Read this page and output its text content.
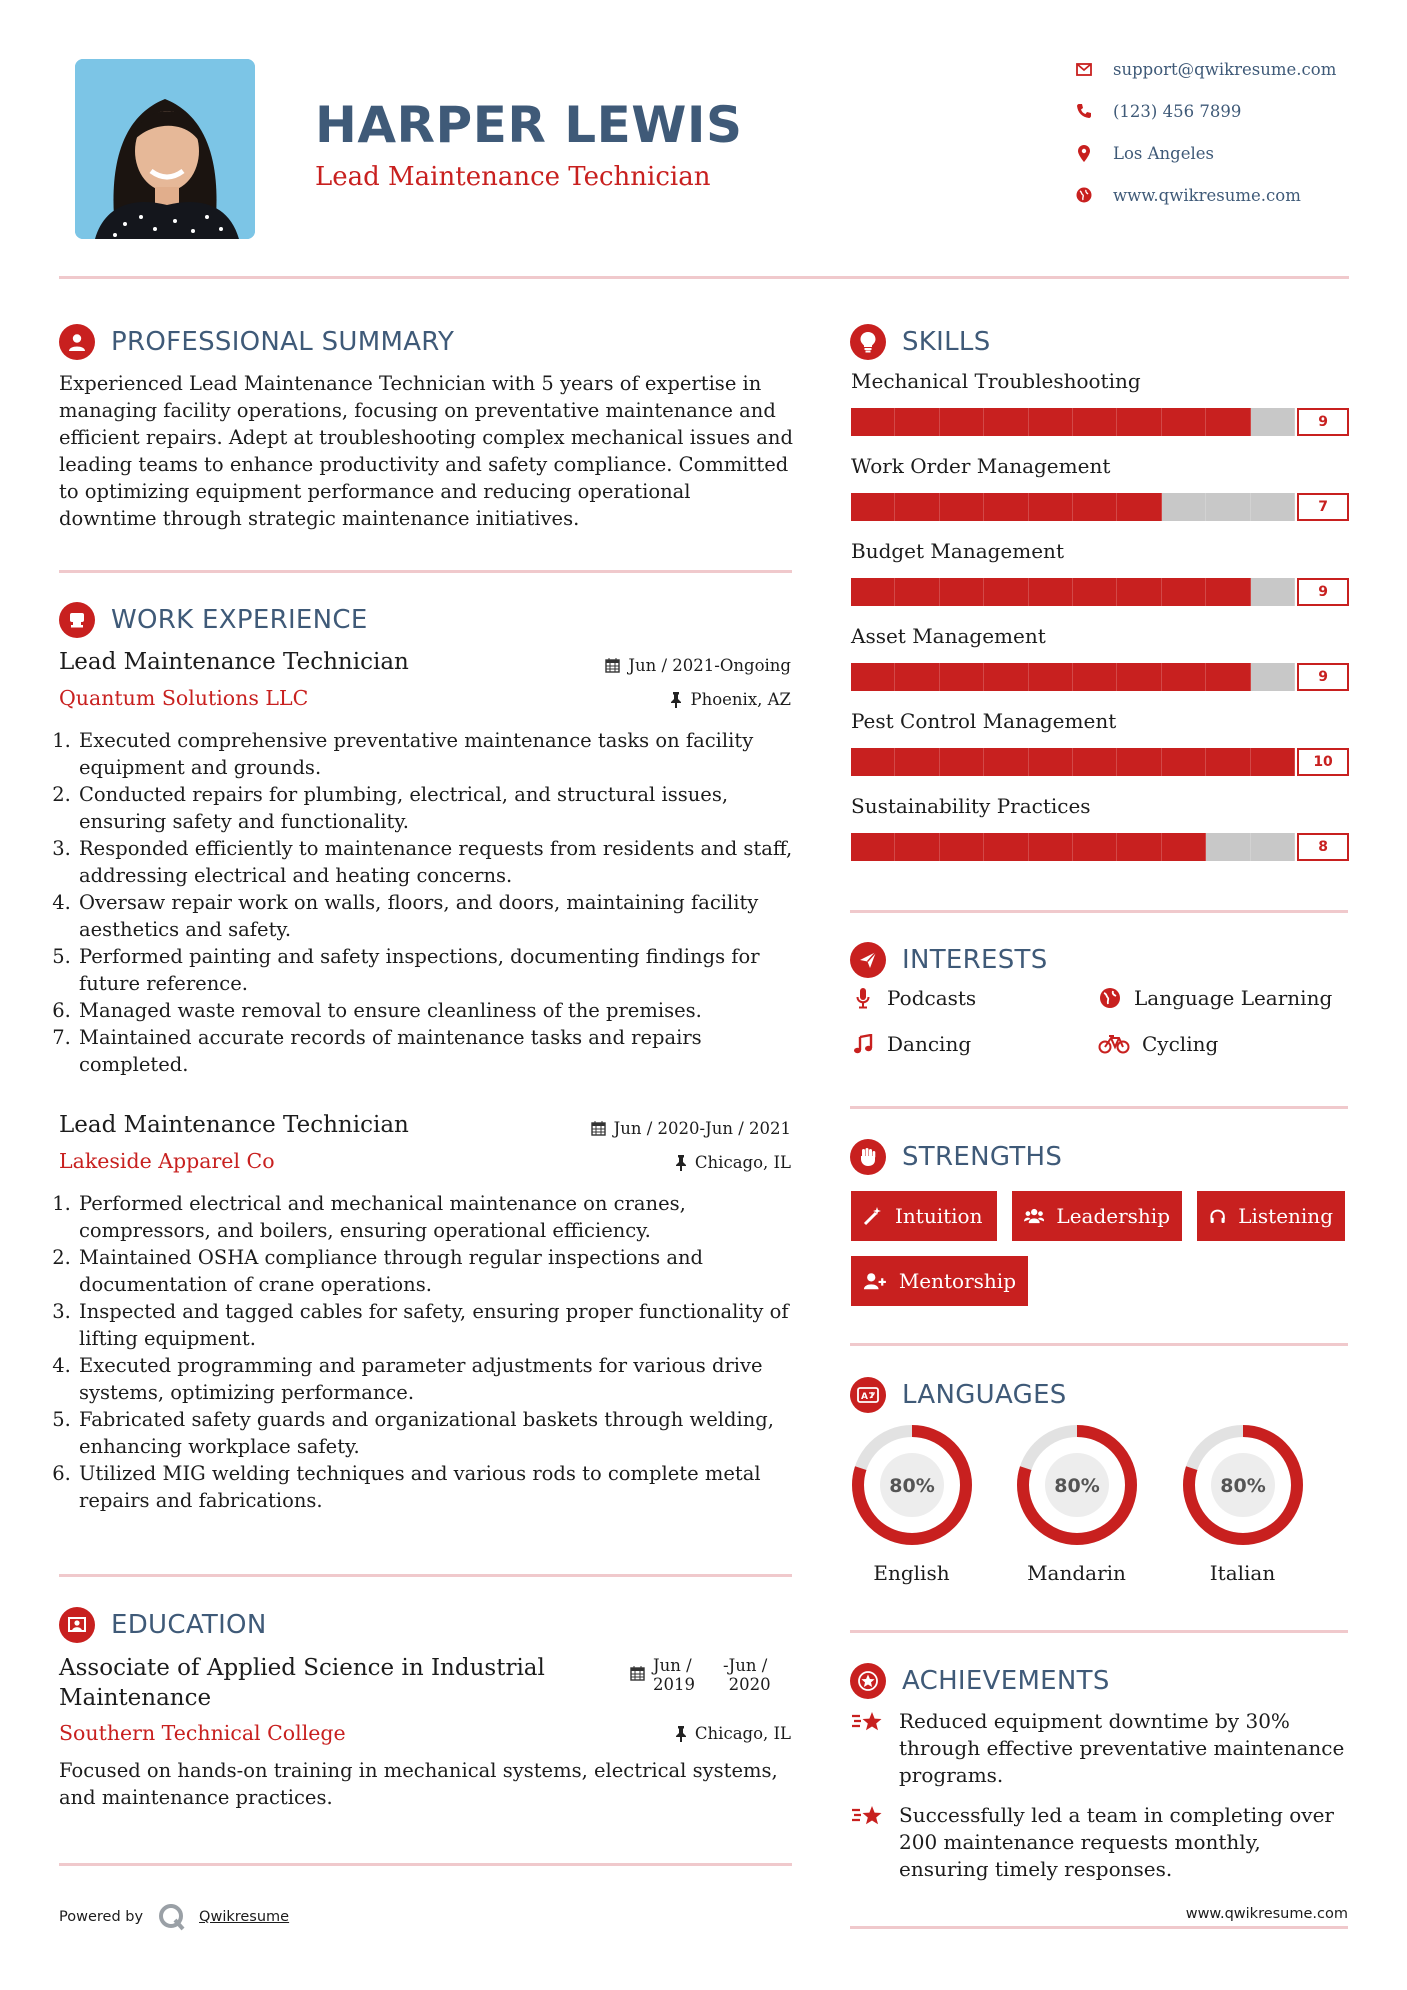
HARPER LEWIS
Lead Maintenance Technician
support@qwikresume.com
(123) 456 7899
Los Angeles
www.qwikresume.com
PROFESSIONAL SUMMARY
Experienced Lead Maintenance Technician with 5 years of expertise in managing facility operations, focusing on preventative maintenance and efficient repairs. Adept at troubleshooting complex mechanical issues and leading teams to enhance productivity and safety compliance. Committed to optimizing equipment performance and reducing operational downtime through strategic maintenance initiatives.
WORK EXPERIENCE
Lead Maintenance Technician	Jun / 2021-Ongoing
Quantum Solutions LLC	Phoenix, AZ
1. Executed comprehensive preventative maintenance tasks on facility equipment and grounds.
2. Conducted repairs for plumbing, electrical, and structural issues, ensuring safety and functionality.
3. Responded efficiently to maintenance requests from residents and staff, addressing electrical and heating concerns.
4. Oversaw repair work on walls, floors, and doors, maintaining facility aesthetics and safety.
5. Performed painting and safety inspections, documenting findings for future reference.
6. Managed waste removal to ensure cleanliness of the premises.
7. Maintained accurate records of maintenance tasks and repairs completed.
Lead Maintenance Technician	Jun / 2020-Jun / 2021
Lakeside Apparel Co	Chicago, IL
1. Performed electrical and mechanical maintenance on cranes, compressors, and boilers, ensuring operational efficiency.
2. Maintained OSHA compliance through regular inspections and documentation of crane operations.
3. Inspected and tagged cables for safety, ensuring proper functionality of lifting equipment.
4. Executed programming and parameter adjustments for various drive systems, optimizing performance.
5. Fabricated safety guards and organizational baskets through welding, enhancing workplace safety.
6. Utilized MIG welding techniques and various rods to complete metal repairs and fabrications.
EDUCATION
Associate of Applied Science in Industrial Maintenance
Jun / 2019
- Jun / 2020
Southern Technical College	Chicago, IL
Focused on hands-on training in mechanical systems, electrical systems, and maintenance practices.
Powered by	Qwikresume
SKILLS
Mechanical Troubleshooting
9
Work Order Management
7
Budget Management
9
Asset Management
9
Pest Control Management
10
Sustainability Practices
8
INTERESTS
Podcasts	Language Learning
Dancing	Cycling
STRENGTHS
Intuition	Leadership	Listening
Mentorship
A LANGUAGES
80%
English
80%
Mandarin
80%
Italian
ACHIEVEMENTS
Reduced equipment downtime by 30% through effective preventative maintenance programs.
Successfully led a team in completing over 200 maintenance requests monthly, ensuring timely responses.
www.qwikresume.com
